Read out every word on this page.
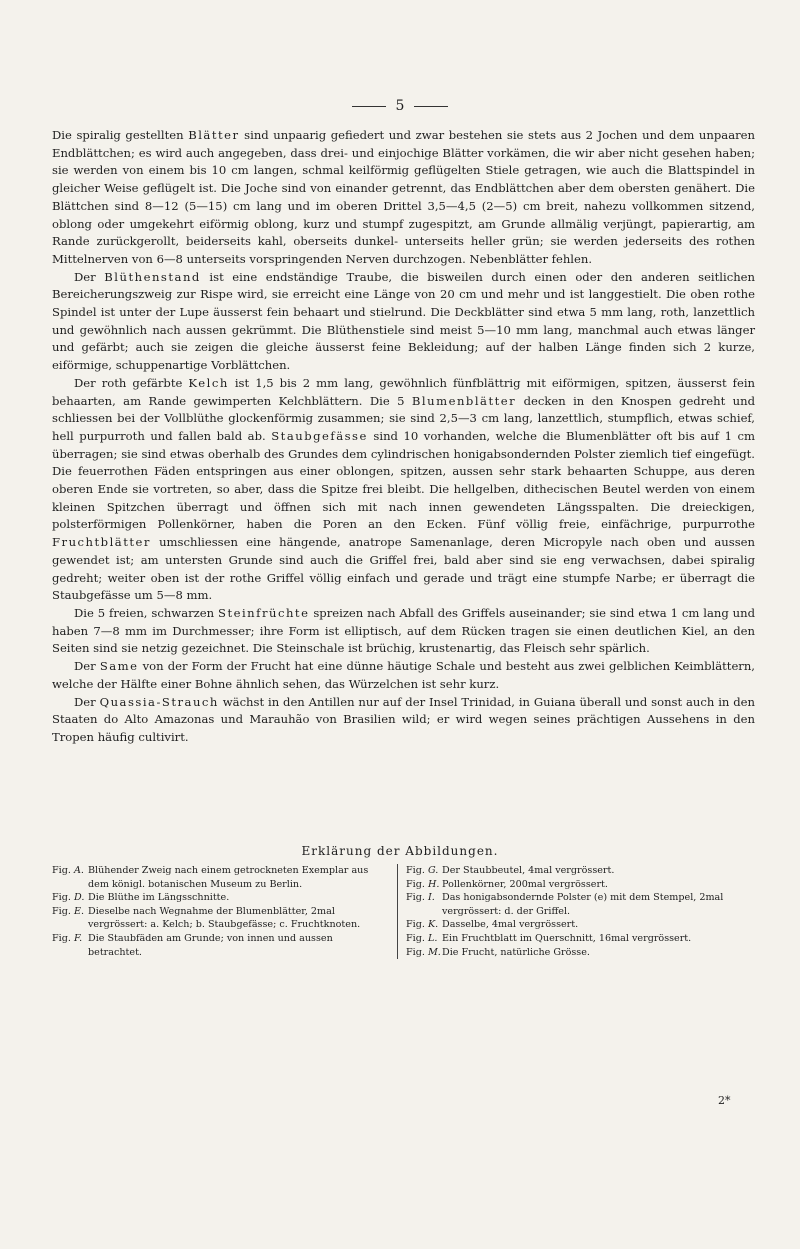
5

Die spiralig gestellten Blätter sind unpaarig gefiedert und zwar bestehen sie stets aus 2 Jochen und dem unpaaren Endblättchen; es wird auch angegeben, dass drei- und einjochige Blätter vorkämen, die wir aber nicht gesehen haben; sie werden von einem bis 10 cm langen, schmal keilförmig geflügelten Stiele getragen, wie auch die Blattspindel in gleicher Weise geflügelt ist. Die Joche sind von einander getrennt, das Endblättchen aber dem obersten genähert. Die Blättchen sind 8—12 (5—15) cm lang und im oberen Drittel 3,5—4,5 (2—5) cm breit, nahezu vollkommen sitzend, oblong oder umgekehrt eiförmig oblong, kurz und stumpf zugespitzt, am Grunde allmälig verjüngt, papierartig, am Rande zurückgerollt, beiderseits kahl, oberseits dunkel- unterseits heller grün; sie werden jederseits des rothen Mittelnerven von 6—8 unterseits vorspringenden Nerven durchzogen. Nebenblätter fehlen.

Der Blüthenstand ist eine endständige Traube, die bisweilen durch einen oder den anderen seitlichen Bereicherungszweig zur Rispe wird, sie erreicht eine Länge von 20 cm und mehr und ist langgestielt. Die oben rothe Spindel ist unter der Lupe äusserst fein behaart und stielrund. Die Deckblätter sind etwa 5 mm lang, roth, lanzettlich und gewöhnlich nach aussen gekrümmt. Die Blüthenstiele sind meist 5—10 mm lang, manchmal auch etwas länger und gefärbt; auch sie zeigen die gleiche äusserst feine Bekleidung; auf der halben Länge finden sich 2 kurze, eiförmige, schuppenartige Vorblättchen.

Der roth gefärbte Kelch ist 1,5 bis 2 mm lang, gewöhnlich fünfblättrig mit eiförmigen, spitzen, äusserst fein behaarten, am Rande gewimperten Kelchblättern. Die 5 Blumenblätter decken in den Knospen gedreht und schliessen bei der Vollblüthe glockenförmig zusammen; sie sind 2,5—3 cm lang, lanzettlich, stumpflich, etwas schief, hell purpurroth und fallen bald ab. Staubgefässe sind 10 vorhanden, welche die Blumenblätter oft bis auf 1 cm überragen; sie sind etwas oberhalb des Grundes dem cylindrischen honigabsondernden Polster ziemlich tief eingefügt. Die feuerrothen Fäden entspringen aus einer oblongen, spitzen, aussen sehr stark behaarten Schuppe, aus deren oberen Ende sie vortreten, so aber, dass die Spitze frei bleibt. Die hellgelben, dithecischen Beutel werden von einem kleinen Spitzchen überragt und öffnen sich mit nach innen gewendeten Längsspalten. Die dreieckigen, polsterförmigen Pollenkörner, haben die Poren an den Ecken. Fünf völlig freie, einfächrige, purpurrothe Fruchtblätter umschliessen eine hängende, anatrope Samenanlage, deren Micropyle nach oben und aussen gewendet ist; am untersten Grunde sind auch die Griffel frei, bald aber sind sie eng verwachsen, dabei spiralig gedreht; weiter oben ist der rothe Griffel völlig einfach und gerade und trägt eine stumpfe Narbe; er überragt die Staubgefässe um 5—8 mm.

Die 5 freien, schwarzen Steinfrüchte spreizen nach Abfall des Griffels auseinander; sie sind etwa 1 cm lang und haben 7—8 mm im Durchmesser; ihre Form ist elliptisch, auf dem Rücken tragen sie einen deutlichen Kiel, an den Seiten sind sie netzig gezeichnet. Die Steinschale ist brüchig, krustenartig, das Fleisch sehr spärlich.

Der Same von der Form der Frucht hat eine dünne häutige Schale und besteht aus zwei gelblichen Keimblättern, welche der Hälfte einer Bohne ähnlich sehen, das Würzelchen ist sehr kurz.

Der Quassia-Strauch wächst in den Antillen nur auf der Insel Trinidad, in Guiana überall und sonst auch in den Staaten do Alto Amazonas und Marauhão von Brasilien wild; er wird wegen seines prächtigen Aussehens in den Tropen häufig cultivirt.

Erklärung der Abbildungen.
Fig. A. Blühender Zweig nach einem getrockneten Exemplar aus dem königl. botanischen Museum zu Berlin.
Fig. D. Die Blüthe im Längsschnitte.
Fig. E. Dieselbe nach Wegnahme der Blumenblätter, 2mal vergrössert: a. Kelch; b. Staubgefässe; c. Fruchtknoten.
Fig. F. Die Staubfäden am Grunde; von innen und aussen betrachtet.
Fig. G. Der Staubbeutel, 4mal vergrössert.
Fig. H. Pollenkörner, 200mal vergrössert.
Fig. I. Das honigabsondernde Polster (e) mit dem Stempel, 2mal vergrössert: d. der Griffel.
Fig. K. Dasselbe, 4mal vergrössert.
Fig. L. Ein Fruchtblatt im Querschnitt, 16mal vergrössert.
Fig. M. Die Frucht, natürliche Grösse.
2*
